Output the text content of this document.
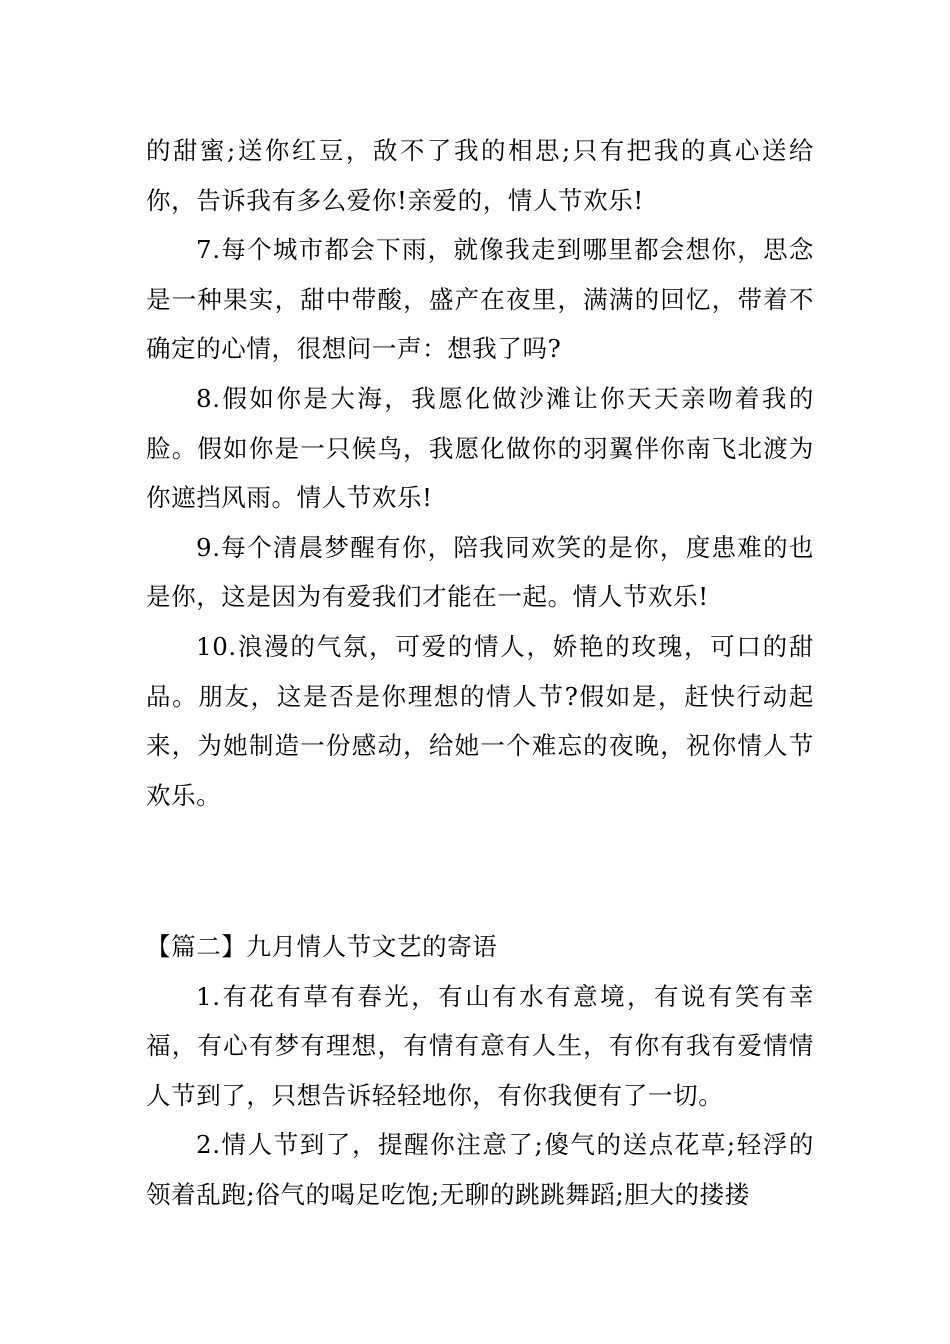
的甜蜜;送你红豆，敌不了我的相思;只有把我的真心送给你，告诉我有多么爱你!亲爱的，情人节欢乐!

7.每个城市都会下雨，就像我走到哪里都会想你，思念是一种果实，甜中带酸，盛产在夜里，满满的回忆，带着不确定的心情，很想问一声：想我了吗?

8.假如你是大海，我愿化做沙滩让你天天亲吻着我的脸。假如你是一只候鸟，我愿化做你的羽翼伴你南飞北渡为你遮挡风雨。情人节欢乐!

9.每个清晨梦醒有你，陪我同欢笑的是你，度患难的也是你，这是因为有爱我们才能在一起。情人节欢乐!

10.浪漫的气氛，可爱的情人，娇艳的玫瑰，可口的甜品。朋友，这是否是你理想的情人节?假如是，赶快行动起来，为她制造一份感动，给她一个难忘的夜晚，祝你情人节欢乐。

【篇二】九月情人节文艺的寄语

1.有花有草有春光，有山有水有意境，有说有笑有幸福，有心有梦有理想，有情有意有人生，有你有我有爱情情人节到了，只想告诉轻轻地你，有你我便有了一切。

2.情人节到了，提醒你注意了;傻气的送点花草;轻浮的领着乱跑;俗气的喝足吃饱;无聊的跳跳舞蹈;胆大的搂搂
